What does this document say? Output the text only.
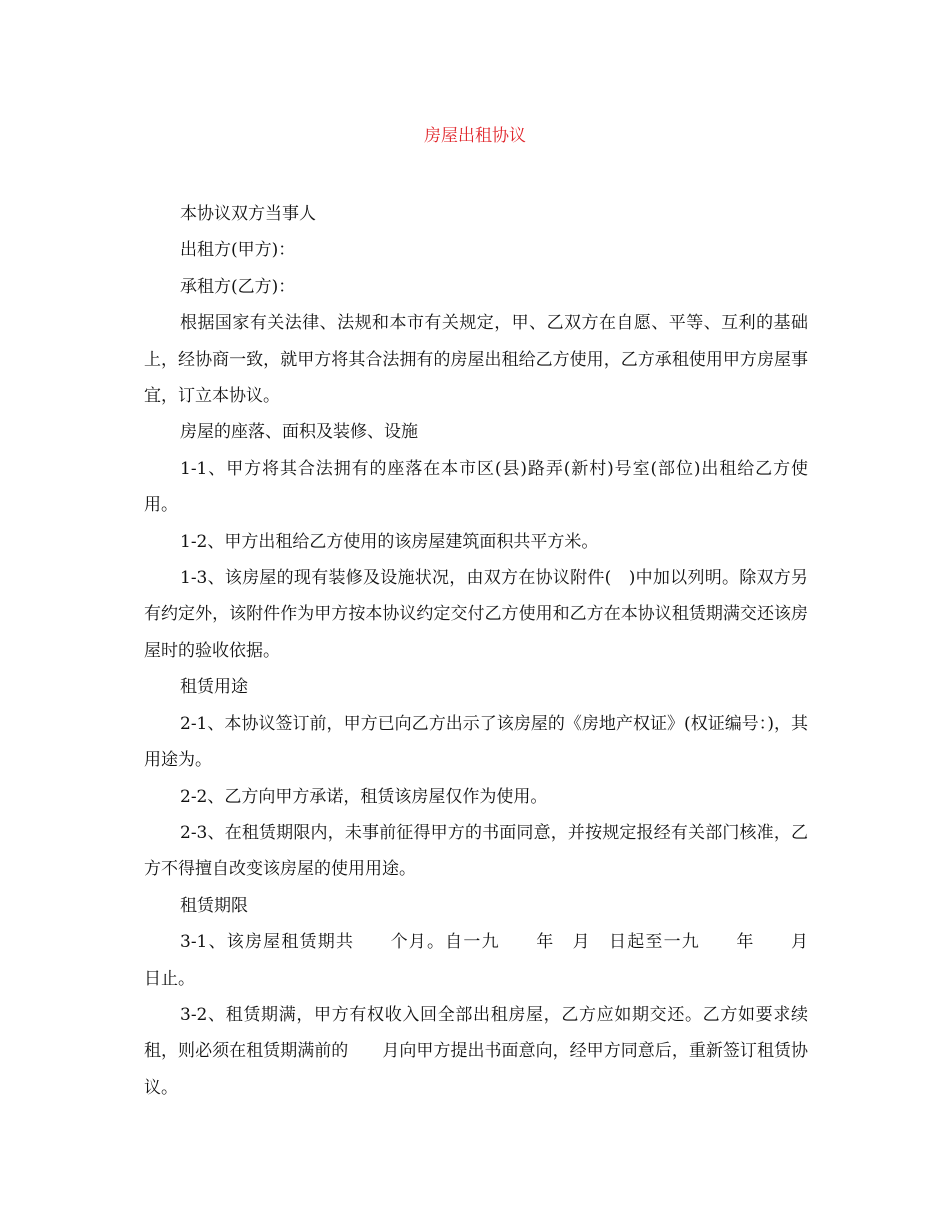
房屋出租协议

本协议双方当事人

出租方(甲方)：

承租方(乙方)：

根据国家有关法律、法规和本市有关规定，甲、乙双方在自愿、平等、互利的基础上，经协商一致，就甲方将其合法拥有的房屋出租给乙方使用，乙方承租使用甲方房屋事宜，订立本协议。

房屋的座落、面积及装修、设施

1-1、甲方将其合法拥有的座落在本市区(县)路弄(新村)号室(部位)出租给乙方使用。

1-2、甲方出租给乙方使用的该房屋建筑面积共平方米。

1-3、该房屋的现有装修及设施状况，由双方在协议附件(　)中加以列明。除双方另有约定外，该附件作为甲方按本协议约定交付乙方使用和乙方在本协议租赁期满交还该房屋时的验收依据。

租赁用途

2-1、本协议签订前，甲方已向乙方出示了该房屋的《房地产权证》(权证编号：)，其用途为。

2-2、乙方向甲方承诺，租赁该房屋仅作为使用。

2-3、在租赁期限内，未事前征得甲方的书面同意，并按规定报经有关部门核准，乙方不得擅自改变该房屋的使用用途。

租赁期限

3-1、该房屋租赁期共　　个月。自一九　　年　月　日起至一九　　年　　月　　日止。

3-2、租赁期满，甲方有权收入回全部出租房屋，乙方应如期交还。乙方如要求续租，则必须在租赁期满前的　　月向甲方提出书面意向，经甲方同意后，重新签订租赁协议。
